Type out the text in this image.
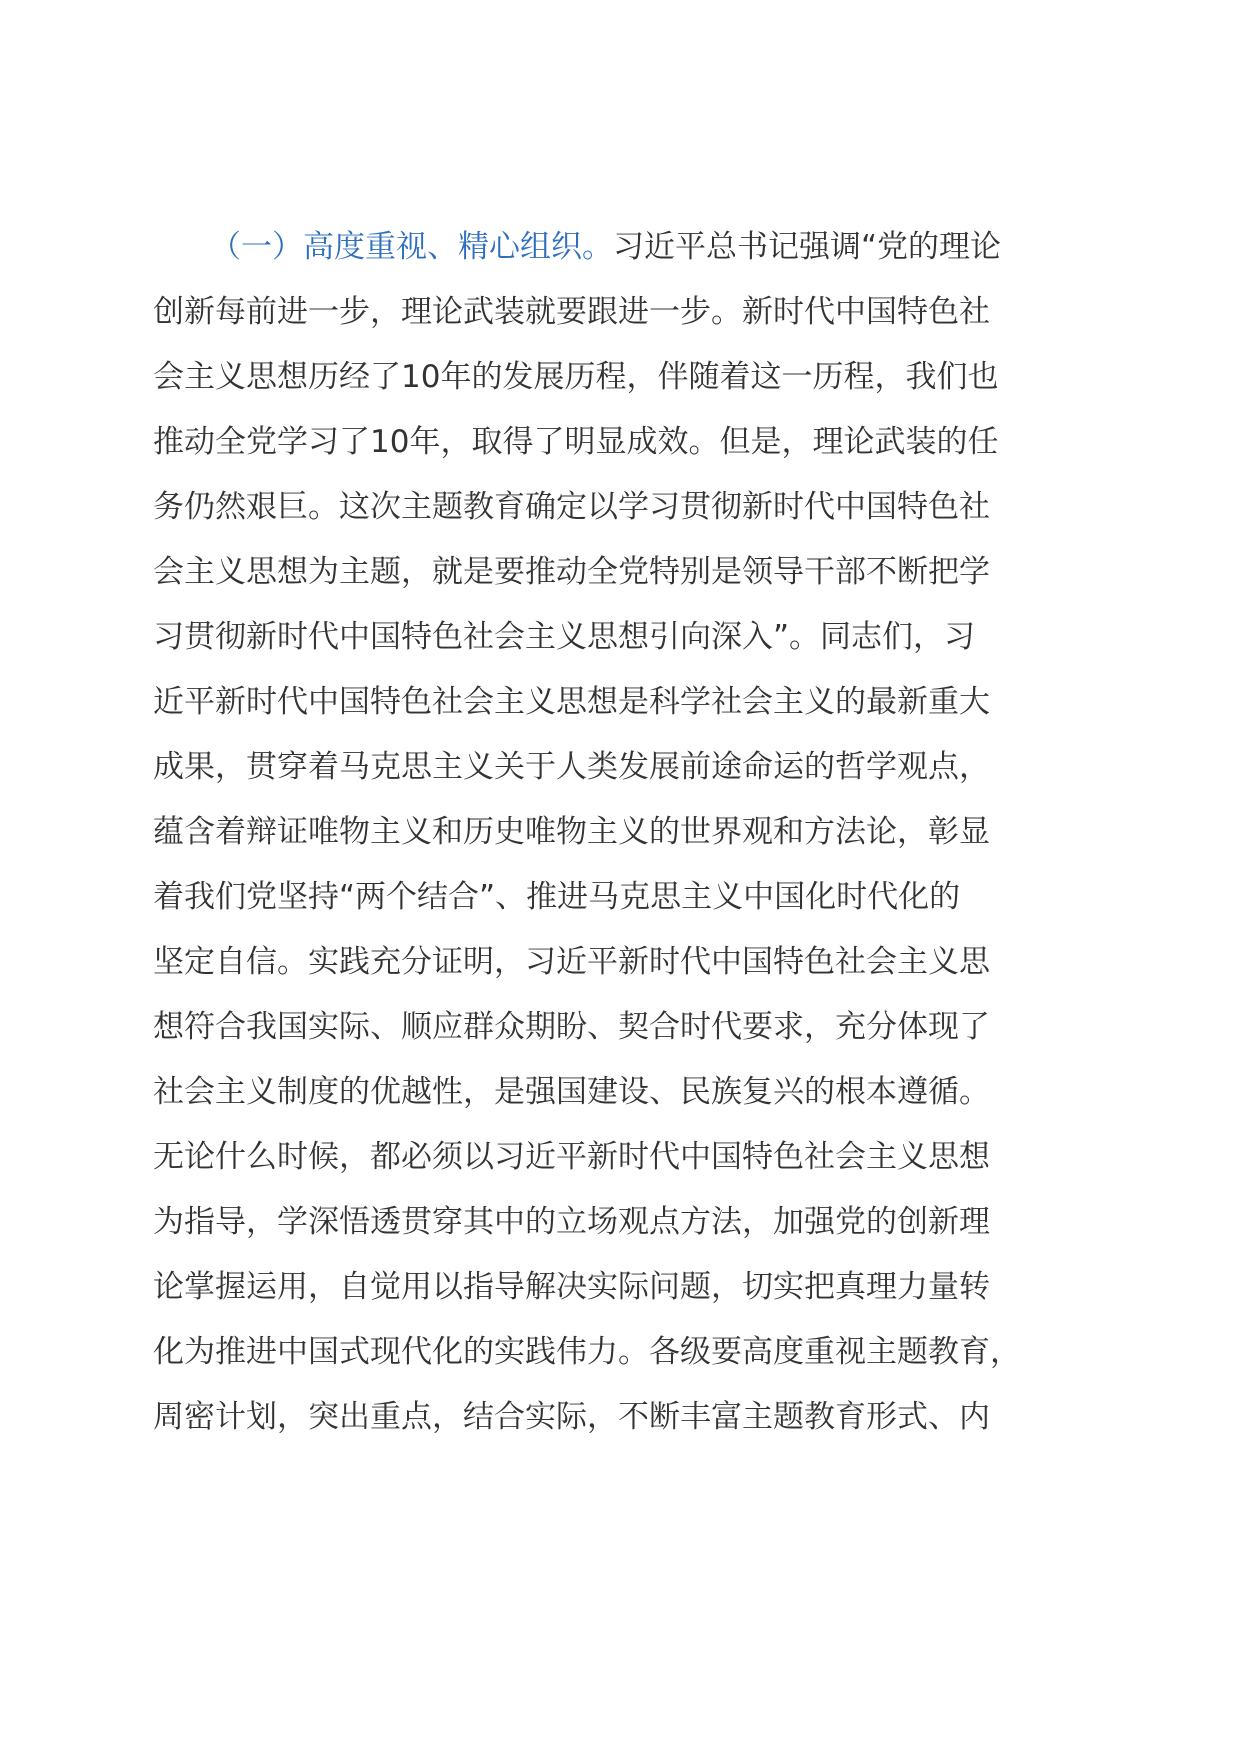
（一）高度重视、精心组织。习近平总书记强调“党的理论
创新每前进一步，理论武装就要跟进一步。新时代中国特色社
会主义思想历经了10年的发展历程，伴随着这一历程，我们也
推动全党学习了10年，取得了明显成效。但是，理论武装的任
务仍然艰巨。这次主题教育确定以学习贯彻新时代中国特色社
会主义思想为主题，就是要推动全党特别是领导干部不断把学
习贯彻新时代中国特色社会主义思想引向深入”。同志们，习
近平新时代中国特色社会主义思想是科学社会主义的最新重大
成果，贯穿着马克思主义关于人类发展前途命运的哲学观点，
蕴含着辩证唯物主义和历史唯物主义的世界观和方法论，彰显
着我们党坚持“两个结合”、推进马克思主义中国化时代化的
坚定自信。实践充分证明，习近平新时代中国特色社会主义思
想符合我国实际、顺应群众期盼、契合时代要求，充分体现了
社会主义制度的优越性，是强国建设、民族复兴的根本遵循。
无论什么时候，都必须以习近平新时代中国特色社会主义思想
为指导，学深悟透贯穿其中的立场观点方法，加强党的创新理
论掌握运用，自觉用以指导解决实际问题，切实把真理力量转
化为推进中国式现代化的实践伟力。各级要高度重视主题教育，
周密计划，突出重点，结合实际，不断丰富主题教育形式、内
